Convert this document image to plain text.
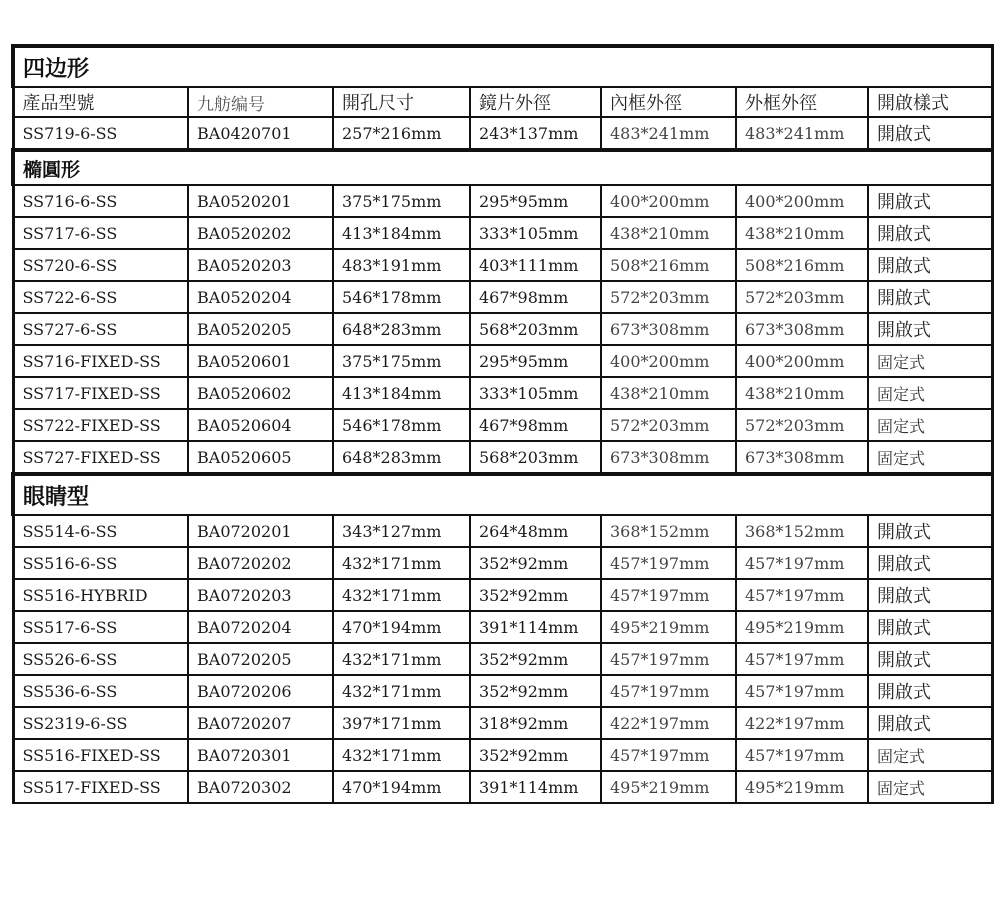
四边形						
產品型號	九舫编号	開孔尺寸	鏡片外徑	內框外徑	外框外徑	開啟樣式
SS719-6-SS	BA0420701	257*216mm	243*137mm	483*241mm	483*241mm	開啟式
橢圓形						
SS716-6-SS	BA0520201	375*175mm	295*95mm	400*200mm	400*200mm	開啟式
SS717-6-SS	BA0520202	413*184mm	333*105mm	438*210mm	438*210mm	開啟式
SS720-6-SS	BA0520203	483*191mm	403*111mm	508*216mm	508*216mm	開啟式
SS722-6-SS	BA0520204	546*178mm	467*98mm	572*203mm	572*203mm	開啟式
SS727-6-SS	BA0520205	648*283mm	568*203mm	673*308mm	673*308mm	開啟式
SS716-FIXED-SS	BA0520601	375*175mm	295*95mm	400*200mm	400*200mm	固定式
SS717-FIXED-SS	BA0520602	413*184mm	333*105mm	438*210mm	438*210mm	固定式
SS722-FIXED-SS	BA0520604	546*178mm	467*98mm	572*203mm	572*203mm	固定式
SS727-FIXED-SS	BA0520605	648*283mm	568*203mm	673*308mm	673*308mm	固定式
眼睛型						
SS514-6-SS	BA0720201	343*127mm	264*48mm	368*152mm	368*152mm	開啟式
SS516-6-SS	BA0720202	432*171mm	352*92mm	457*197mm	457*197mm	開啟式
SS516-HYBRID	BA0720203	432*171mm	352*92mm	457*197mm	457*197mm	開啟式
SS517-6-SS	BA0720204	470*194mm	391*114mm	495*219mm	495*219mm	開啟式
SS526-6-SS	BA0720205	432*171mm	352*92mm	457*197mm	457*197mm	開啟式
SS536-6-SS	BA0720206	432*171mm	352*92mm	457*197mm	457*197mm	開啟式
SS2319-6-SS	BA0720207	397*171mm	318*92mm	422*197mm	422*197mm	開啟式
SS516-FIXED-SS	BA0720301	432*171mm	352*92mm	457*197mm	457*197mm	固定式
SS517-FIXED-SS	BA0720302	470*194mm	391*114mm	495*219mm	495*219mm	固定式
